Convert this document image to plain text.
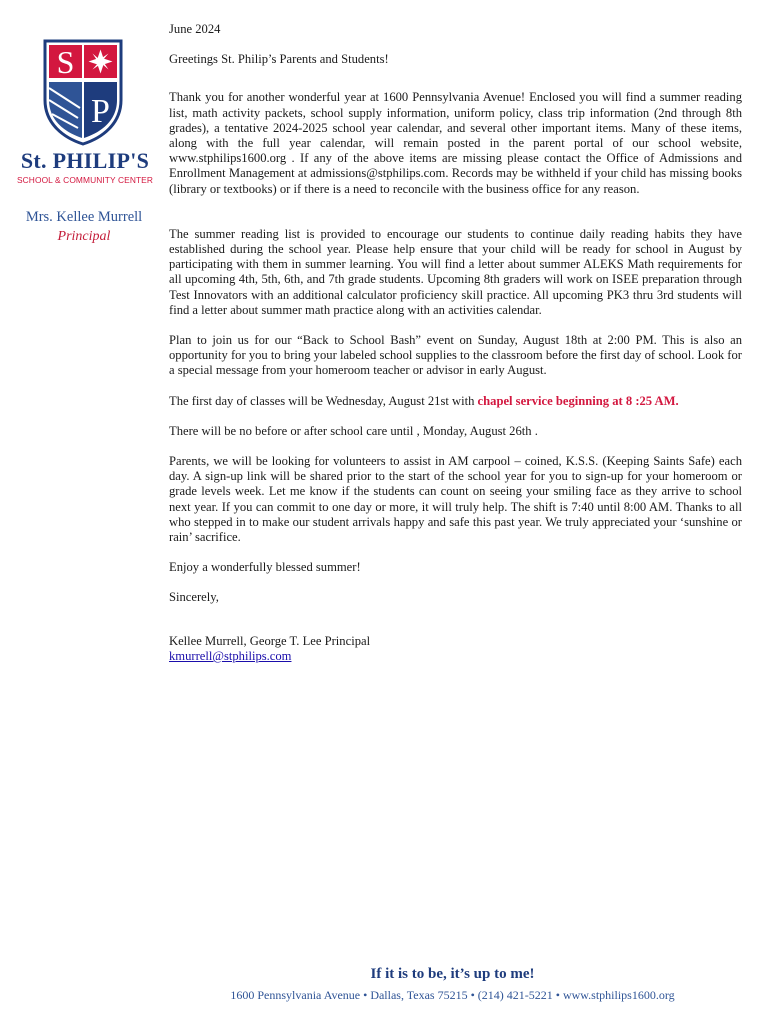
S
P
St. PHILIP'S
SCHOOL & COMMUNITY CENTER
Mrs. Kellee Murrell
Principal

June 2024

Greetings St. Philip’s Parents and Students!

Thank you for another wonderful year at 1600 Pennsylvania Avenue! Enclosed you will find a summer reading list, math activity packets, school supply information, uniform policy, class trip information (2nd through 8th grades), a tentative 2024-2025 school year calendar, and several other important items. Many of these items, along with the full year calendar, will remain posted in the parent portal of our school website, www.stphilips1600.org . If any of the above items are missing please contact the Office of Admissions and Enrollment Management at admissions@stphilips.com. Records may be withheld if your child has missing books (library or textbooks) or if there is a need to reconcile with the business office for any reason.

The summer reading list is provided to encourage our students to continue daily reading habits they have established during the school year. Please help ensure that your child will be ready for school in August by participating with them in summer learning. You will find a letter about summer ALEKS Math requirements for all upcoming 4th, 5th, 6th, and 7th grade students. Upcoming 8th graders will work on ISEE preparation through Test Innovators with an additional calculator proficiency skill practice. All upcoming PK3 thru 3rd students will find a letter about summer math practice along with an activities calendar.

Plan to join us for our “Back to School Bash” event on Sunday, August 18th at 2:00 PM. This is also an opportunity for you to bring your labeled school supplies to the classroom before the first day of school. Look for a special message from your homeroom teacher or advisor in early August.

The first day of classes will be Wednesday, August 21st with chapel service beginning at 8 :25 AM.

There will be no before or after school care until , Monday, August 26th .

Parents, we will be looking for volunteers to assist in AM carpool – coined, K.S.S. (Keeping Saints Safe) each day. A sign-up link will be shared prior to the start of the school year for you to sign-up for your homeroom or grade levels week. Let me know if the students can count on seeing your smiling face as they arrive to school next year. If you can commit to one day or more, it will truly help. The shift is 7:40 until 8:00 AM. Thanks to all who stepped in to make our student arrivals happy and safe this past year. We truly appreciated your ‘sunshine or rain’ sacrifice.

Enjoy a wonderfully blessed summer!

Sincerely,

Kellee Murrell, George T. Lee Principal

kmurrell@stphilips.com

If it is to be, it’s up to me!
1600 Pennsylvania Avenue • Dallas, Texas 75215 • (214) 421-5221 • www.stphilips1600.org
